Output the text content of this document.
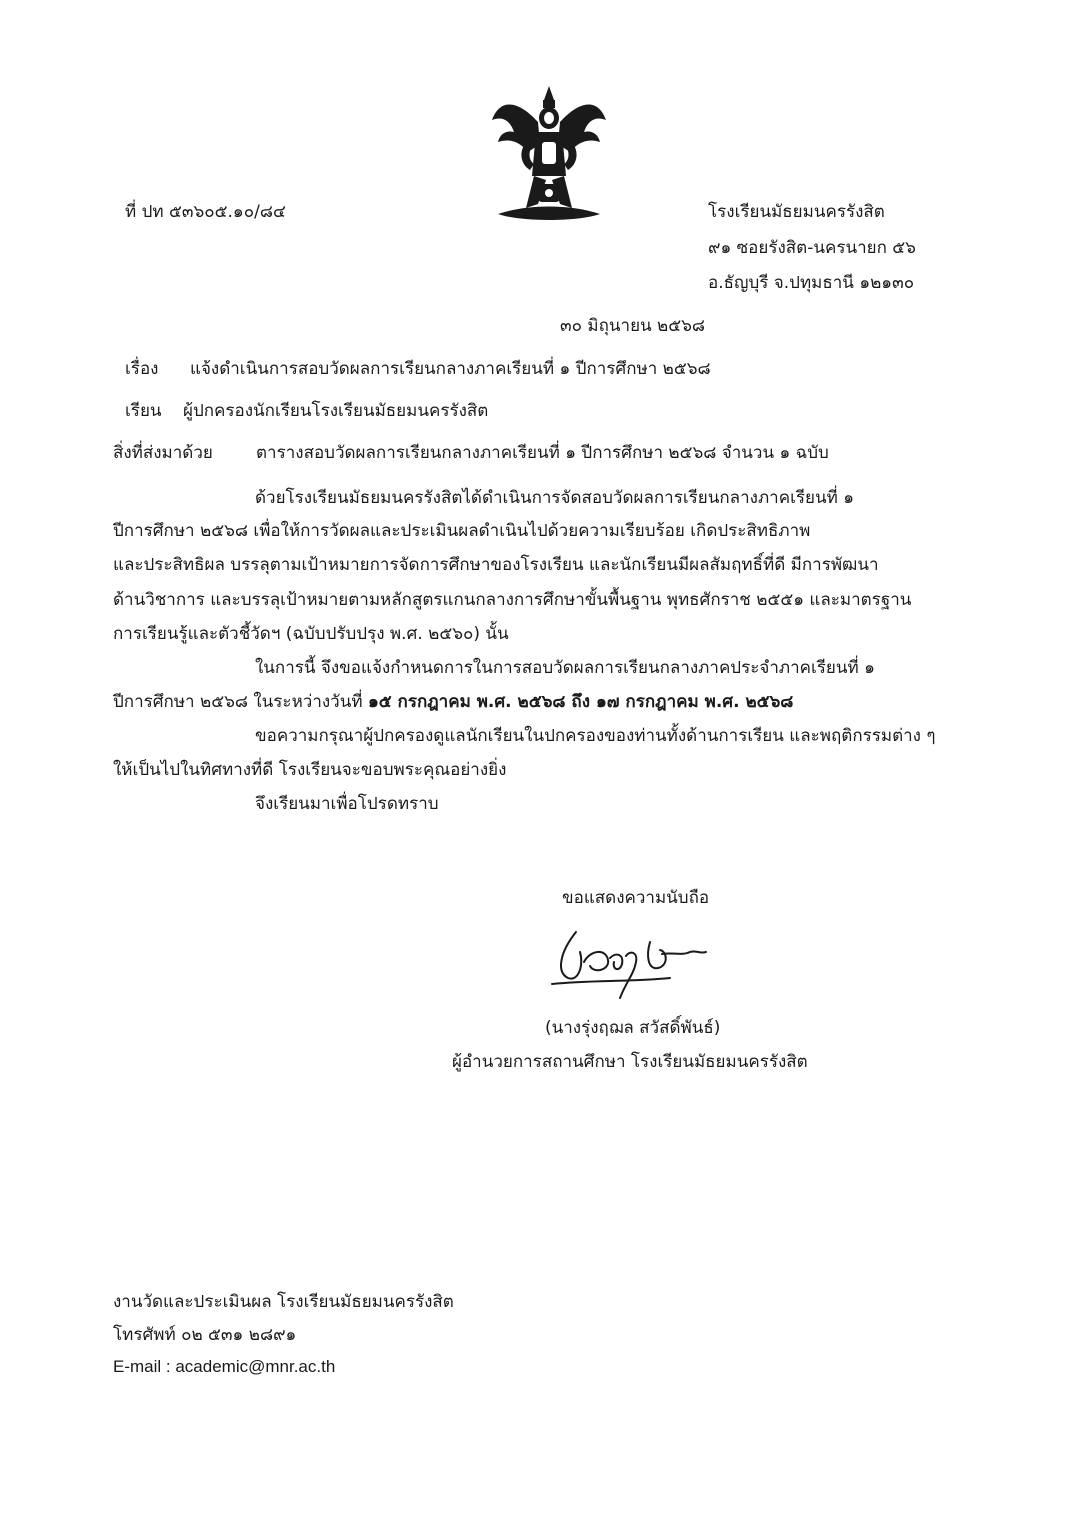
ที่ ปท ๕๓๖๐๕.๑๐/๘๔	โรงเรียนมัธยมนครรังสิต
๙๑ ซอยรังสิต-นครนายก ๕๖
อ.ธัญบุรี จ.ปทุมธานี ๑๒๑๓๐
๓๐ มิถุนายน ๒๕๖๘
เรื่อง แจ้งดำเนินการสอบวัดผลการเรียนกลางภาคเรียนที่ ๑ ปีการศึกษา ๒๕๖๘
เรียน ผู้ปกครองนักเรียนโรงเรียนมัธยมนครรังสิต
สิ่งที่ส่งมาด้วย	ตารางสอบวัดผลการเรียนกลางภาคเรียนที่ ๑ ปีการศึกษา ๒๕๖๘ จำนวน ๑ ฉบับ
ด้วยโรงเรียนมัธยมนครรังสิตได้ดำเนินการจัดสอบวัดผลการเรียนกลางภาคเรียนที่ ๑
ปีการศึกษา ๒๕๖๘ เพื่อให้การวัดผลและประเมินผลดำเนินไปด้วยความเรียบร้อย เกิดประสิทธิภาพ
และประสิทธิผล บรรลุตามเป้าหมายการจัดการศึกษาของโรงเรียน และนักเรียนมีผลสัมฤทธิ์ที่ดี มีการพัฒนา
ด้านวิชาการ และบรรลุเป้าหมายตามหลักสูตรแกนกลางการศึกษาขั้นพื้นฐาน พุทธศักราช ๒๕๕๑ และมาตรฐาน
การเรียนรู้และตัวชี้วัดฯ (ฉบับปรับปรุง พ.ศ. ๒๕๖๐) นั้น
ในการนี้ จึงขอแจ้งกำหนดการในการสอบวัดผลการเรียนกลางภาคประจำภาคเรียนที่ ๑
ปีการศึกษา ๒๕๖๘ ในระหว่างวันที่ ๑๕ กรกฎาคม พ.ศ. ๒๕๖๘ ถึง ๑๗ กรกฎาคม พ.ศ. ๒๕๖๘
ขอความกรุณาผู้ปกครองดูแลนักเรียนในปกครองของท่านทั้งด้านการเรียน และพฤติกรรมต่าง ๆ
ให้เป็นไปในทิศทางที่ดี โรงเรียนจะขอบพระคุณอย่างยิ่ง
จึงเรียนมาเพื่อโปรดทราบ
ขอแสดงความนับถือ
(นางรุ่งฤฌล สวัสดิ์พันธ์)
ผู้อำนวยการสถานศึกษา โรงเรียนมัธยมนครรังสิต
งานวัดและประเมินผล โรงเรียนมัธยมนครรังสิต
โทรศัพท์ ๐๒ ๕๓๑ ๒๘๙๑
E-mail : academic@mnr.ac.th
